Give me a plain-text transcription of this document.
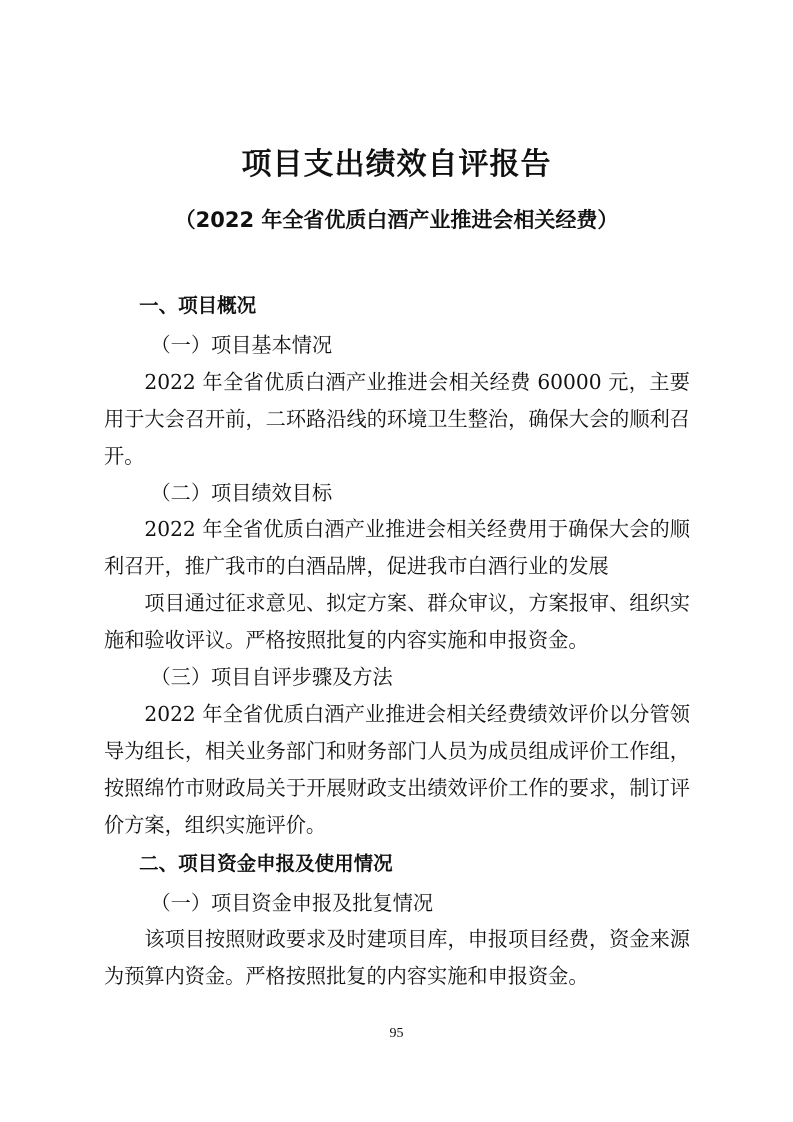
项目支出绩效自评报告
（2022 年全省优质白酒产业推进会相关经费）

一、项目概况

（一）项目基本情况

2022 年全省优质白酒产业推进会相关经费 60000 元，主要用于大会召开前，二环路沿线的环境卫生整治，确保大会的顺利召开。

（二）项目绩效目标

2022 年全省优质白酒产业推进会相关经费用于确保大会的顺利召开，推广我市的白酒品牌，促进我市白酒行业的发展

项目通过征求意见、拟定方案、群众审议，方案报审、组织实施和验收评议。严格按照批复的内容实施和申报资金。

（三）项目自评步骤及方法

2022 年全省优质白酒产业推进会相关经费绩效评价以分管领导为组长，相关业务部门和财务部门人员为成员组成评价工作组，按照绵竹市财政局关于开展财政支出绩效评价工作的要求，制订评价方案，组织实施评价。

二、项目资金申报及使用情况

（一）项目资金申报及批复情况

该项目按照财政要求及时建项目库，申报项目经费，资金来源为预算内资金。严格按照批复的内容实施和申报资金。

95
